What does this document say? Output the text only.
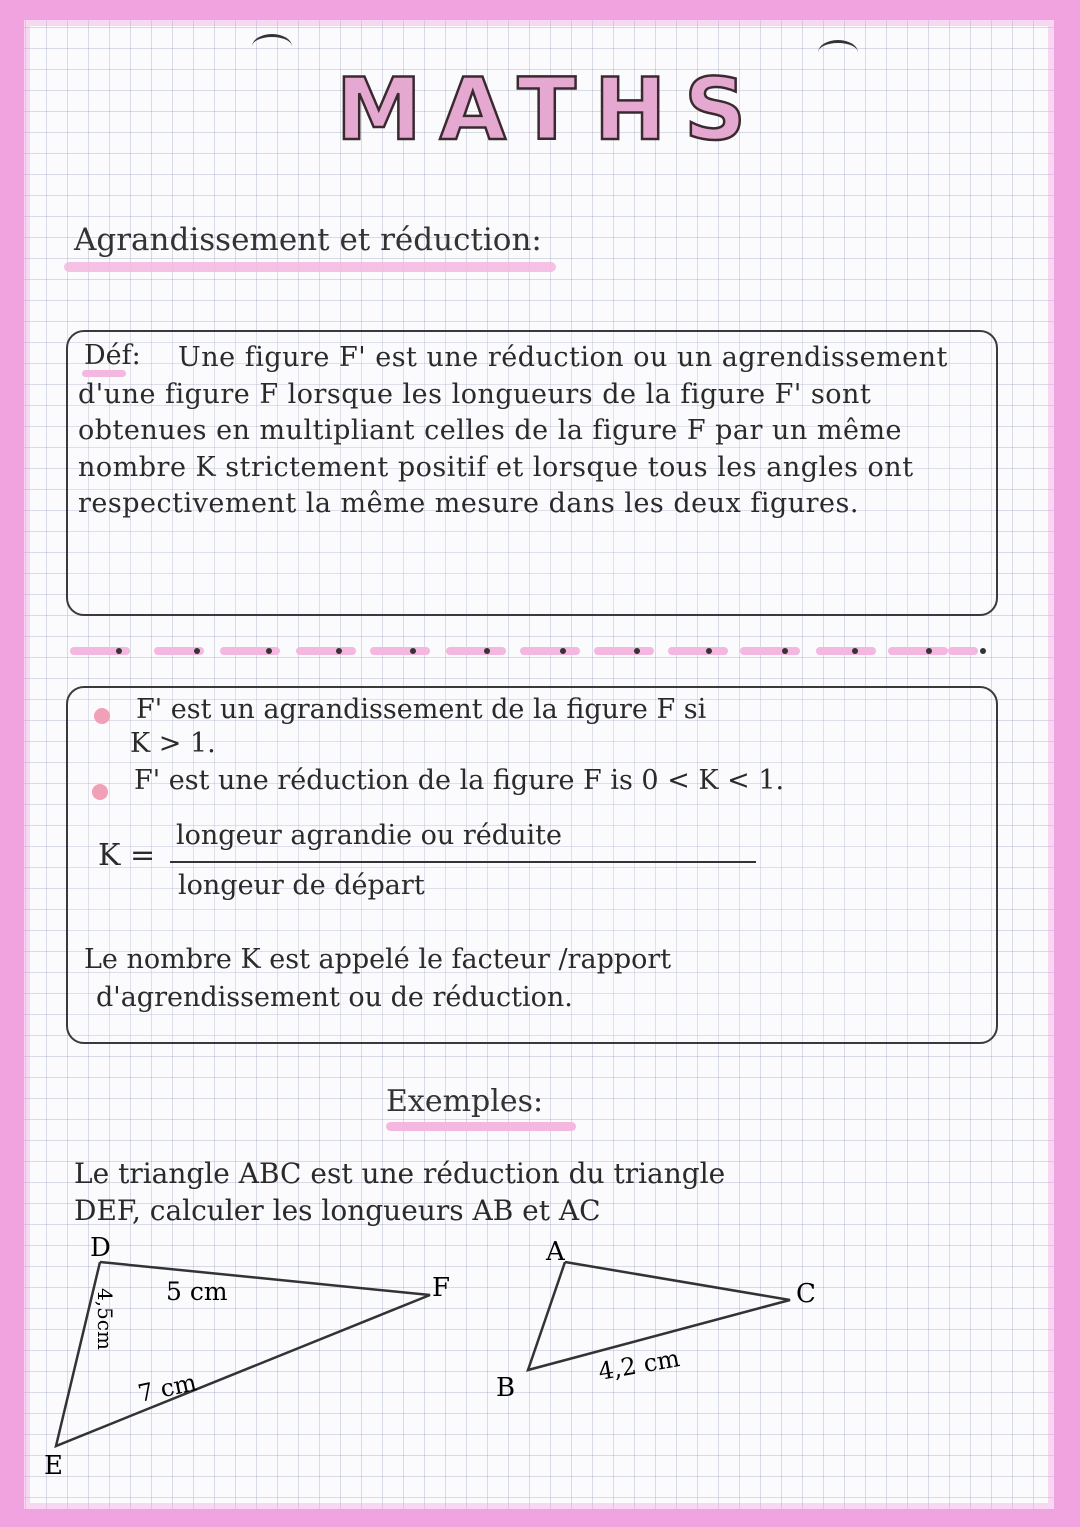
MATHS
Agrandissement et réduction:
Déf:	Une figure F' est une réduction ou un agrendissement d'une figure F lorsque les longueurs de la figure F' sont obtenues en multipliant celles de la figure F par un même nombre K strictement positif et lorsque tous les angles ont respectivement la même mesure dans les deux figures.
F' est un agrandissement de la figure F si
K > 1.
F' est une réduction de la figure F is 0 < K < 1.
K =
longeur agrandie ou réduite
longeur de départ
Le nombre K est appelé le facteur /rapport
d'agrendissement ou de réduction.
Exemples:
Le triangle ABC est une réduction du triangle
DEF, calculer les longueurs AB et AC
D
E
F
5 cm
7 cm
4,5cm
A
B
C
4,2 cm
